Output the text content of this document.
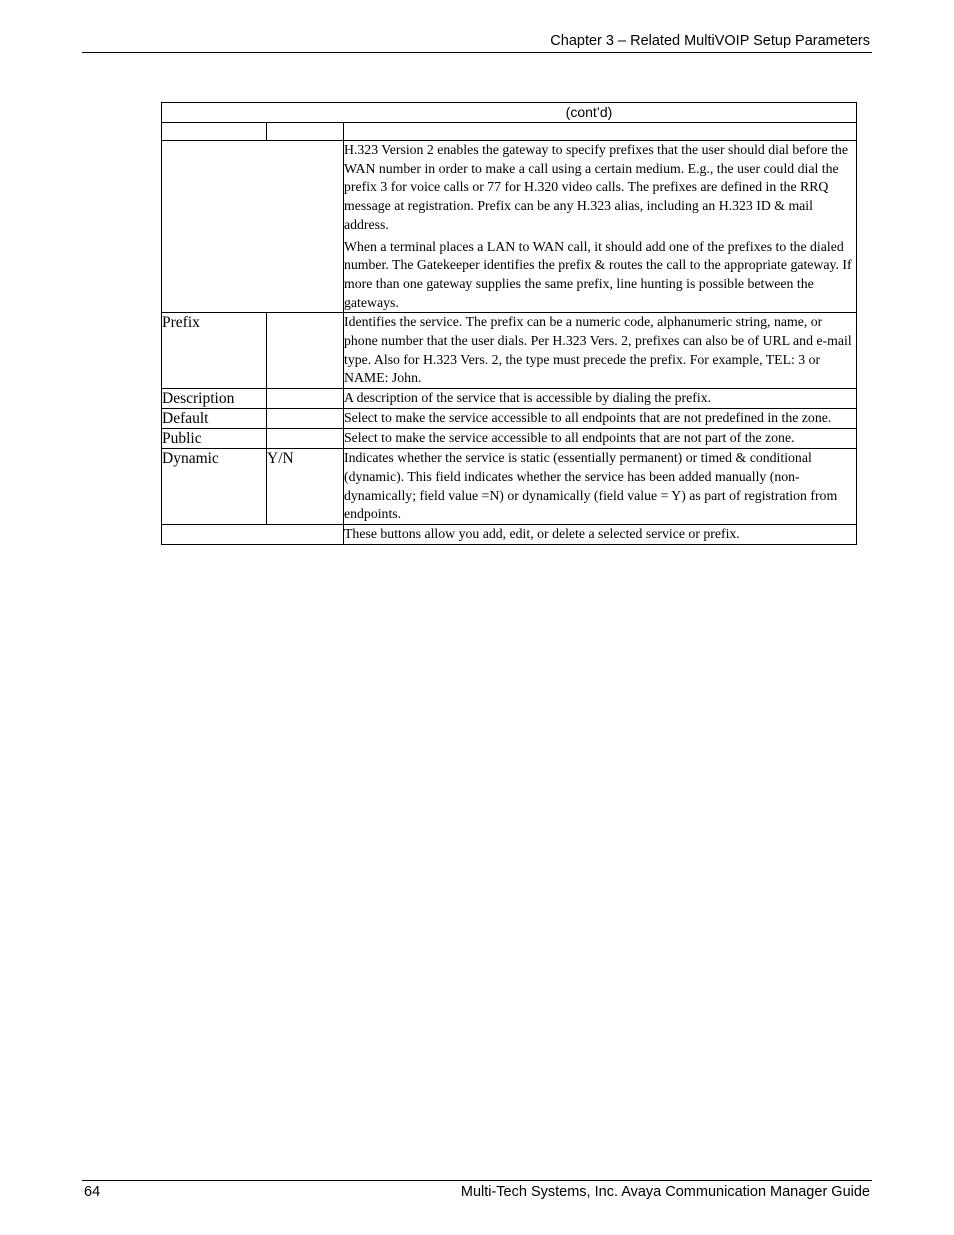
Chapter 3 – Related MultiVOIP Setup Parameters
(cont’d)		

		H.323 Version 2 enables the gateway to specify prefixes that the user should dial before the WAN number in order to make a call using a certain medium. E.g., the user could dial the prefix 3 for voice calls or 77 for H.320 video calls. The prefixes are defined in the RRQ message at registration. Prefix can be any H.323 alias, including an H.323 ID & mail address.

When a terminal places a LAN to WAN call, it should add one of the prefixes to the dialed number. The Gatekeeper identifies the prefix & routes the call to the appropriate gateway. If more than one gateway supplies the same prefix, line hunting is possible between the gateways.

Prefix		Identifies the service. The prefix can be a numeric code, alphanumeric string, name, or phone number that the user dials. Per H.323 Vers. 2, prefixes can also be of URL and e-mail type. Also for H.323 Vers. 2, the type must precede the prefix. For example, TEL: 3 or NAME: John.

Description		A description of the service that is accessible by dialing the prefix.

Default		Select to make the service accessible to all endpoints that are not predefined in the zone.

Public		Select to make the service accessible to all endpoints that are not part of the zone.

Dynamic	Y/N	Indicates whether the service is static (essentially permanent) or timed & conditional (dynamic). This field indicates whether the service has been added manually (non-dynamically; field value =N) or dynamically (field value = Y) as part of registration from endpoints.

		These buttons allow you add, edit, or delete a selected service or prefix.

64	Multi-Tech Systems, Inc. Avaya Communication Manager Guide
